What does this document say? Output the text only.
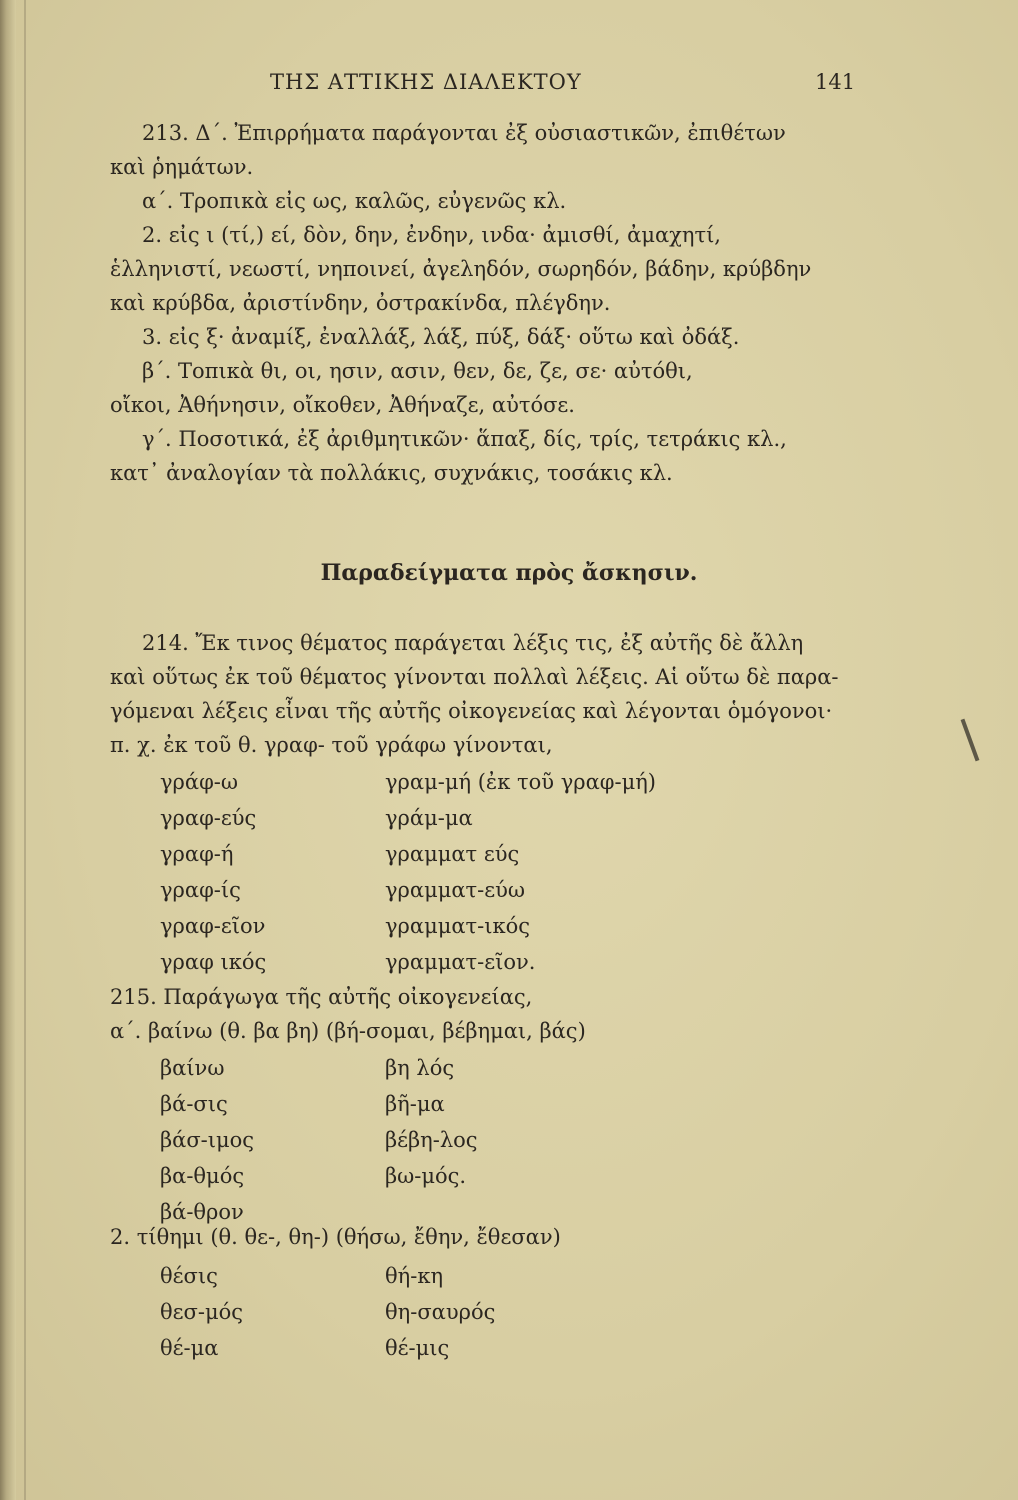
ΤΗΣ ΑΤΤΙΚΗΣ ΔΙΑΛΕΚΤΟΥ	141
213. Δ΄. Ἐπιρρήματα παράγονται ἐξ οὐσιαστικῶν, ἐπιθέτων
καὶ ῥημάτων.
α΄. Τροπικὰ εἰς ως, καλῶς, εὐγενῶς κλ.
2. εἰς ι (τί,) εί, δὸν, δην, ἐνδην, ινδα· ἀμισθί, ἀμαχητί,
ἑλληνιστί, νεωστί, νηποινεί, ἀγεληδόν, σωρηδόν, βάδην, κρύβδην
καὶ κρύβδα, ἀριστίνδην, ὀστρακίνδα, πλέγδην.
3. εἰς ξ· ἀναμίξ, ἐναλλάξ, λάξ, πύξ, δάξ· οὕτω καὶ ὀδάξ.
β΄. Τοπικὰ θι, οι, ησιν, ασιν, θεν, δε, ζε, σε· αὐτόθι,
οἴκοι, Ἀθήνησιν, οἴκοθεν, Ἀθήναζε, αὐτόσε.
γ΄. Ποσοτικά, ἐξ ἀριθμητικῶν· ἅπαξ, δίς, τρίς, τετράκις κλ.,
κατ᾽ ἀναλογίαν τὰ πολλάκις, συχνάκις, τοσάκις κλ.
Παραδείγματα πρὸς ἄσκησιν.
214. Ἔκ τινος θέματος παράγεται λέξις τις, ἐξ αὐτῆς δὲ ἄλλη
καὶ οὕτως ἐκ τοῦ θέματος γίνονται πολλαὶ λέξεις. Αἱ οὕτω δὲ παρα-
γόμεναι λέξεις εἶναι τῆς αὐτῆς οἰκογενείας καὶ λέγονται ὁμόγονοι·
π. χ. ἐκ τοῦ θ. γραφ- τοῦ γράφω γίνονται,
γράφ-ω
γραφ-εύς
γραφ-ή
γραφ-ίς
γραφ-εῖον
γραφ ικός
γραμ-μή (ἐκ τοῦ γραφ-μή)
γράμ-μα
γραμματ εύς
γραμματ-εύω
γραμματ-ικός
γραμματ-εῖον.
215. Παράγωγα τῆς αὐτῆς οἰκογενείας,
α΄. βαίνω (θ. βα βη) (βή-σομαι, βέβημαι, βάς)
βαίνω
βά-σις
βάσ-ιμος
βα-θμός
βά-θρον
βη λός
βῆ-μα
βέβη-λος
βω-μός.
2. τίθημι (θ. θε-, θη-) (θήσω, ἔθην, ἔθεσαν)
θέσις
θεσ-μός
θέ-μα
θή-κη
θη-σαυρός
θέ-μις
